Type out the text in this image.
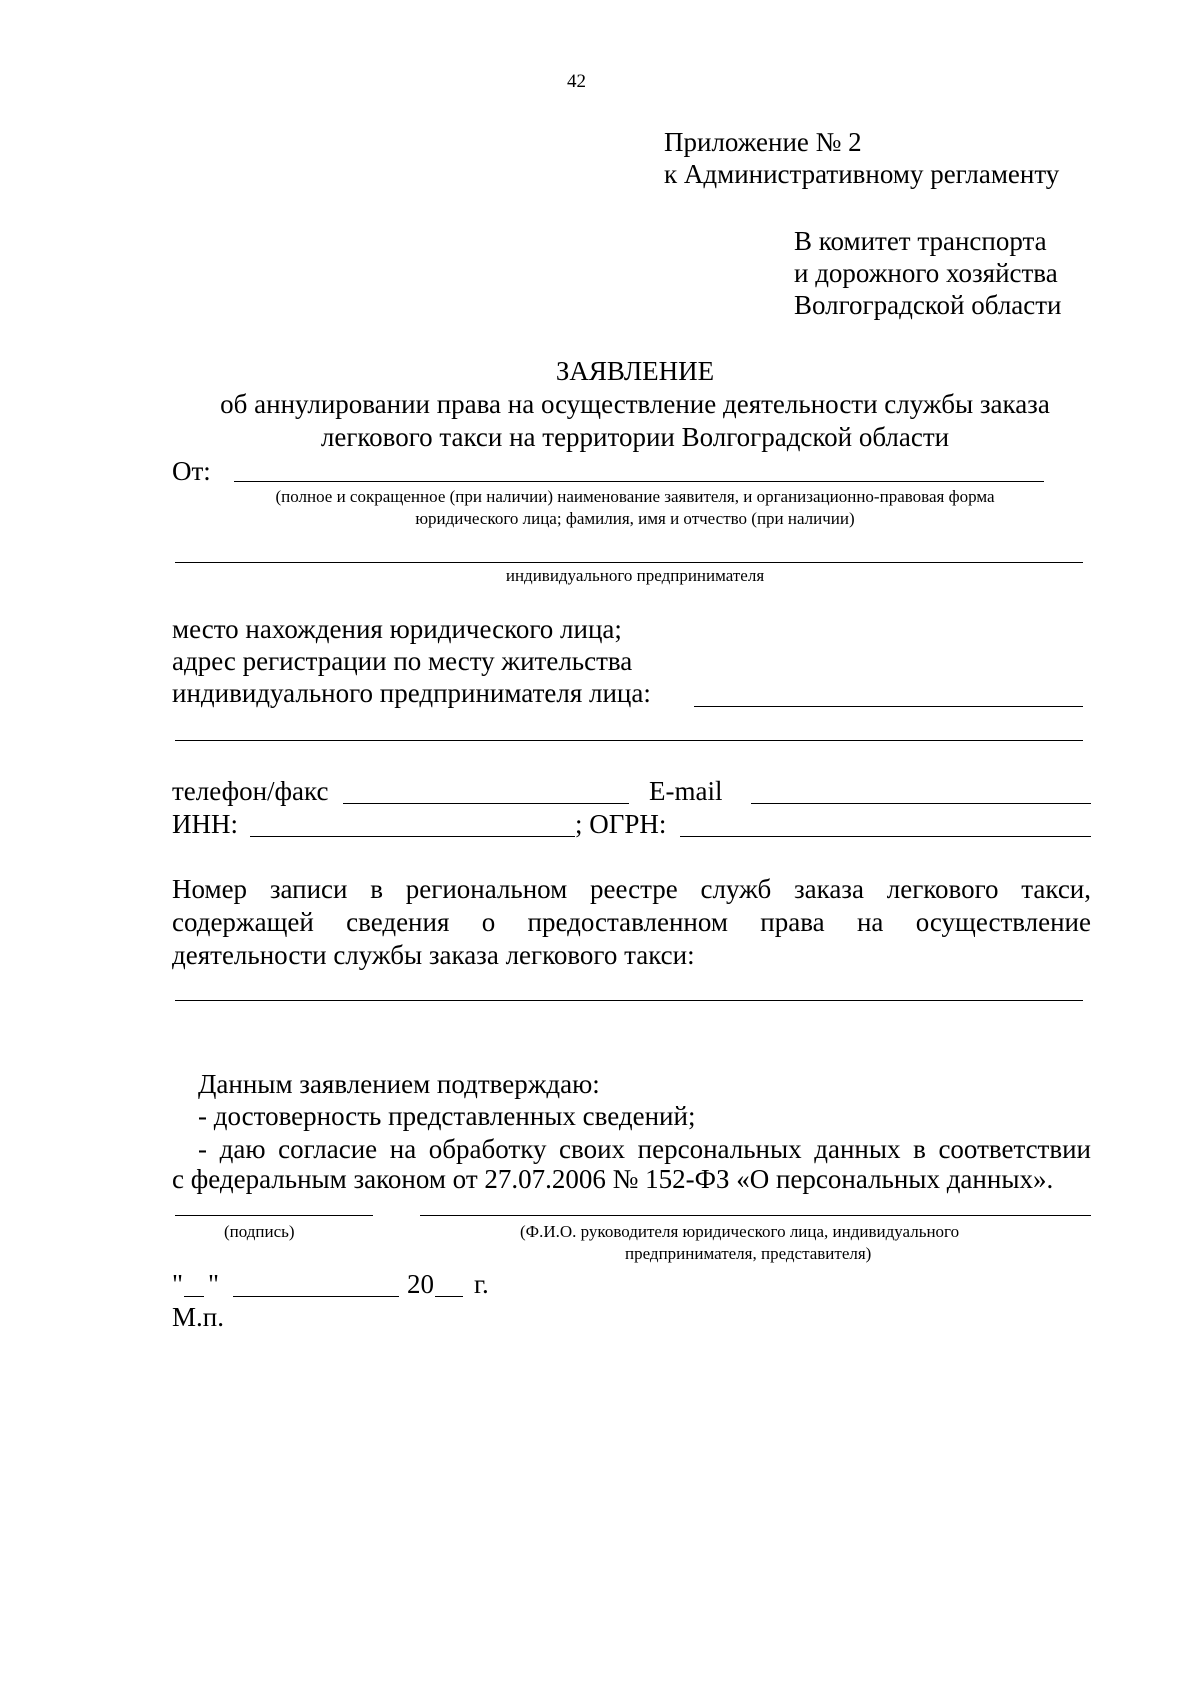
42
Приложение № 2
к Административному регламенту
В комитет транспорта
и дорожного хозяйства
Волгоградской области
ЗАЯВЛЕНИЕ
об аннулировании права на осуществление деятельности службы заказа
легкового такси на территории Волгоградской области
От:
(полное и сокращенное (при наличии) наименование заявителя, и организационно-правовая форма
юридического лица; фамилия, имя и отчество (при наличии)
индивидуального предпринимателя
место нахождения юридического лица;
адрес регистрации по месту жительства
индивидуального предпринимателя лица:
телефон/факс	E-mail
ИНН:	; ОГРН:
Номер записи в региональном реестре служб заказа легкового такси,
содержащей сведения о предоставленном права на осуществление
деятельности службы заказа легкового такси:
Данным заявлением подтверждаю:
- достоверность представленных сведений;
- даю согласие на обработку своих персональных данных в соответствии
с федеральным законом от 27.07.2006 № 152-ФЗ «О персональных данных».
(подпись)	(Ф.И.О. руководителя юридического лица, индивидуального
предпринимателя, представителя)
" "	20 г.
М.п.
